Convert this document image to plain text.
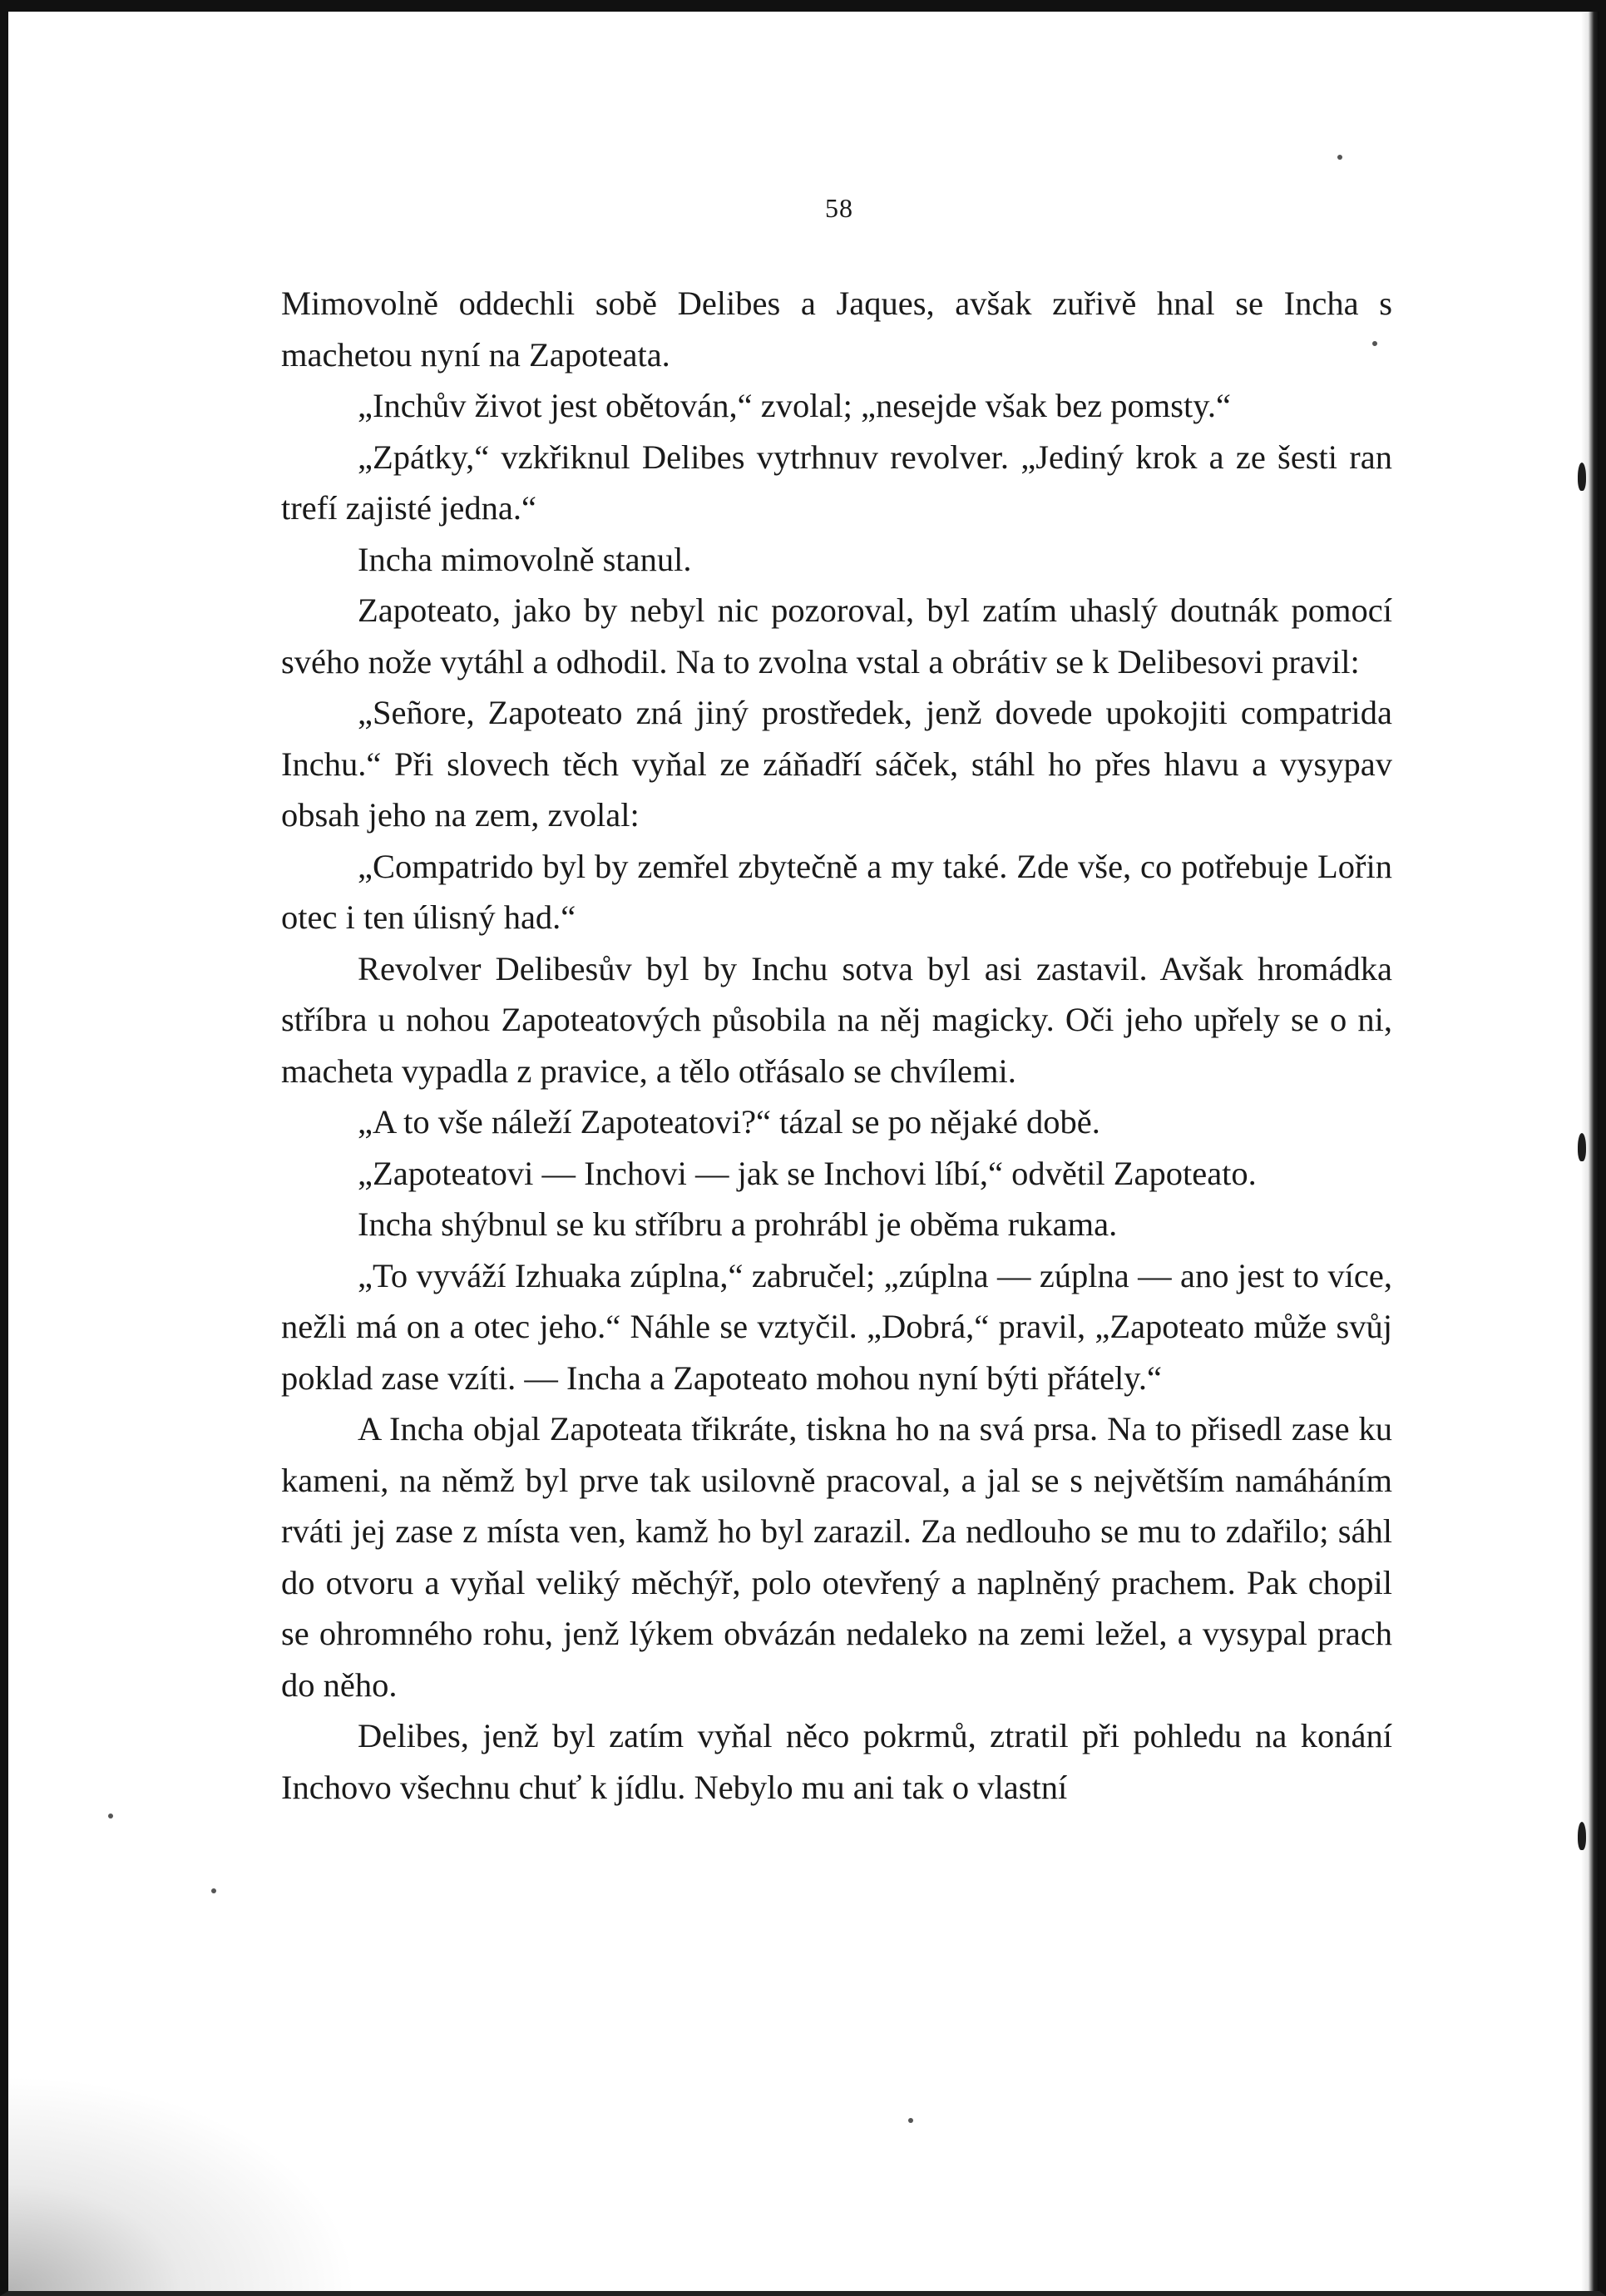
58

Mimovolně oddechli sobě Delibes a Jaques, avšak zuřivě hnal se Incha s machetou nyní na Zapoteata.

„Inchův život jest obětován,“ zvolal; „nesejde však bez pomsty.“

„Zpátky,“ vzkřiknul Delibes vytrhnuv revolver. „Jediný krok a ze šesti ran trefí zajisté jedna.“

Incha mimovolně stanul.

Zapoteato, jako by nebyl nic pozoroval, byl zatím uhaslý doutnák pomocí svého nože vytáhl a odhodil. Na to zvolna vstal a obrátiv se k Delibesovi pravil:

„Señore, Zapoteato zná jiný prostředek, jenž dovede upokojiti compatrida Inchu.“ Při slovech těch vyňal ze záňadří sáček, stáhl ho přes hlavu a vysypav obsah jeho na zem, zvolal:

„Compatrido byl by zemřel zbytečně a my také. Zde vše, co potřebuje Lořin otec i ten úlisný had.“

Revolver Delibesův byl by Inchu sotva byl asi zastavil. Avšak hromádka stříbra u nohou Zapoteatových působila na něj magicky. Oči jeho upřely se o ni, macheta vypadla z pravice, a tělo otřásalo se chvílemi.

„A to vše náleží Zapoteatovi?“ tázal se po nějaké době.

„Zapoteatovi — Inchovi — jak se Inchovi líbí,“ odvětil Zapoteato.

Incha shýbnul se ku stříbru a prohrábl je oběma rukama.

„To vyváží Izhuaka zúplna,“ zabručel; „zúplna — zúplna — ano jest to více, nežli má on a otec jeho.“ Náhle se vztyčil. „Dobrá,“ pravil, „Zapoteato může svůj poklad zase vzíti. — Incha a Zapoteato mohou nyní býti přátely.“

A Incha objal Zapoteata třikráte, tiskna ho na svá prsa. Na to přisedl zase ku kameni, na němž byl prve tak usilovně pracoval, a jal se s největším namáháním rváti jej zase z místa ven, kamž ho byl zarazil. Za nedlouho se mu to zdařilo; sáhl do otvoru a vyňal veliký měchýř, polo otevřený a naplněný prachem. Pak chopil se ohromného rohu, jenž lýkem obvázán nedaleko na zemi ležel, a vysypal prach do něho.

Delibes, jenž byl zatím vyňal něco pokrmů, ztratil při pohledu na konání Inchovo všechnu chuť k jídlu. Nebylo mu ani tak o vlastní
